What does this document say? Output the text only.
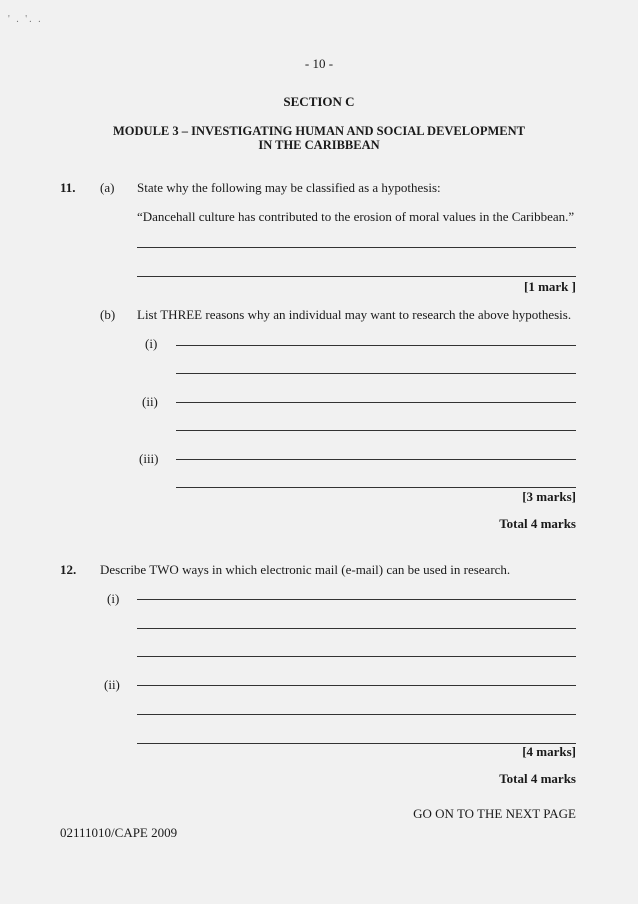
' . '. .
- 10 -
SECTION C
MODULE 3 – INVESTIGATING HUMAN AND SOCIAL DEVELOPMENT
IN THE CARIBBEAN
11. (a) State why the following may be classified as a hypothesis:
“Dancehall culture has contributed to the erosion of moral values in the Caribbean.”
[1 mark ]
(b) List THREE reasons why an individual may want to research the above hypothesis.
(i)
(ii)
(iii)
[3 marks]
Total 4 marks
12. Describe TWO ways in which electronic mail (e-mail) can be used in research.
(i)
(ii)
[4 marks]
Total 4 marks
GO ON TO THE NEXT PAGE
02111010/CAPE 2009
